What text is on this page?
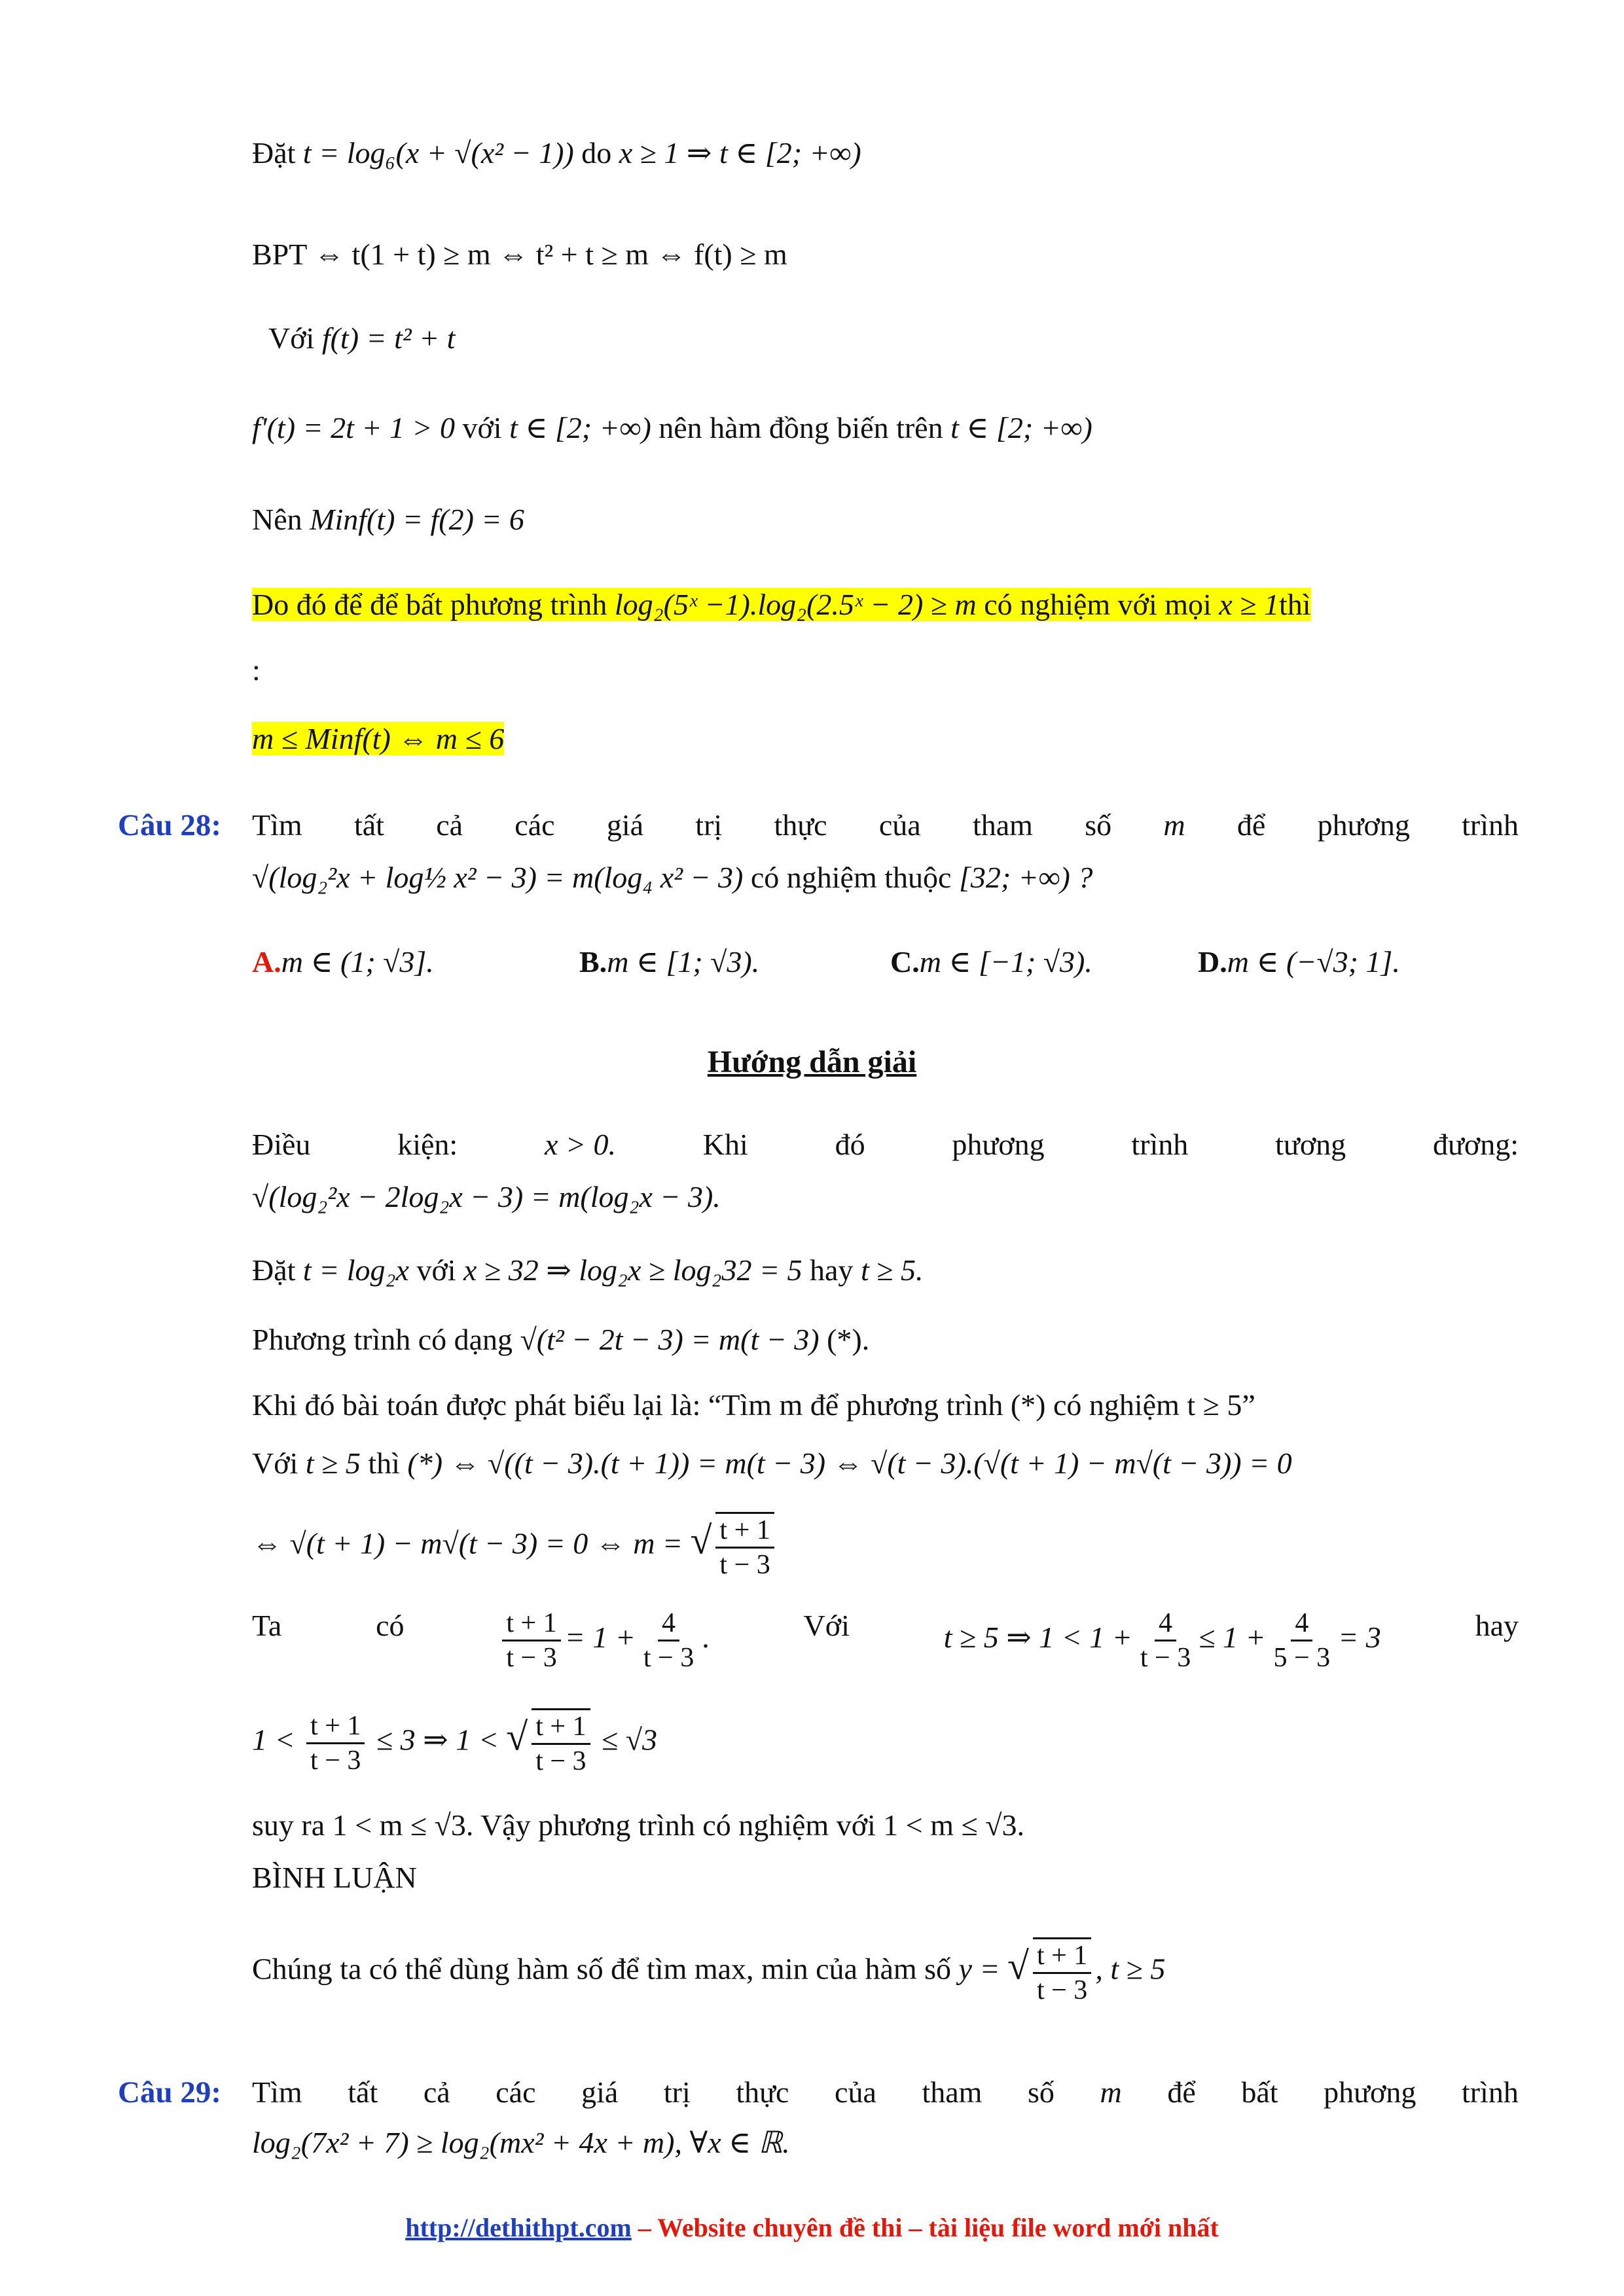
Đặt t = log₆(x + √(x² − 1)) do x ≥ 1 ⇒ t ∈ [2; +∞)
BPT ⇔ t(1 + t) ≥ m ⇔ t² + t ≥ m ⇔ f(t) ≥ m
Với f(t) = t² + t
f'(t) = 2t + 1 > 0 với t ∈ [2; +∞) nên hàm đồng biến trên t ∈ [2; +∞)
Nên Minf(t) = f(2) = 6
Do đó để để bất phương trình log₂(5ˣ −1).log₂(2.5ˣ − 2) ≥ m có nghiệm với mọi x ≥ 1thì
:
m ≤ Minf(t) ⇔ m ≤ 6
Câu 28: Tìm tất cả các giá trị thực của tham số m để phương trình
√(log₂²x + log½ x² − 3) = m(log₄ x² − 3) có nghiệm thuộc [32; +∞) ?
A.m ∈ (1; √3].	B.m ∈ [1; √3).	C.m ∈ [−1; √3).	D.m ∈ (−√3; 1].
Hướng dẫn giải
Điều	kiện:	x > 0.	Khi	đó	phương	trình	tương	đương:
√(log₂²x − 2log₂x − 3) = m(log₂x − 3).
Đặt t = log₂x với x ≥ 32 ⇒ log₂x ≥ log₂32 = 5 hay t ≥ 5.
Phương trình có dạng √(t² − 2t − 3) = m(t − 3) (*).
Khi đó bài toán được phát biểu lại là: “Tìm m để phương trình (*) có nghiệm t ≥ 5”
Với t ≥ 5 thì (*) ⇔ √((t − 3).(t + 1)) = m(t − 3) ⇔ √(t − 3).(√(t + 1) − m√(t − 3)) = 0
⇔ √(t + 1) − m√(t − 3) = 0 ⇔ m = √ $\frac{t + 1}{t - 3}$
Ta	có	$\frac{t + 1}{t - 3} = 1 + \frac{4}{t - 3}$ .	Với	t ≥ 5 ⇒ $1 < 1 + \frac{4}{t - 3} \le 1 + \frac{4}{5 - 3} = 3$	hay
$1 < \frac{t + 1}{t - 3} \le 3$ ⇒ 1 < √ $\frac{t + 1}{t - 3} \le √3$
suy ra 1 < m ≤ √3. Vậy phương trình có nghiệm với 1 < m ≤ √3.
BÌNH LUẬN
Chúng ta có thể dùng hàm số để tìm max, min của hàm số y = √ $\frac{t + 1}{t - 3}$ , t ≥ 5
Câu 29: Tìm tất cả các giá trị thực của tham số m để bất phương trình
log₂(7x² + 7) ≥ log₂(mx² + 4x + m), ∀x ∈ ℝ.
http://dethithpt.com – Website chuyên đề thi – tài liệu file word mới nhất
